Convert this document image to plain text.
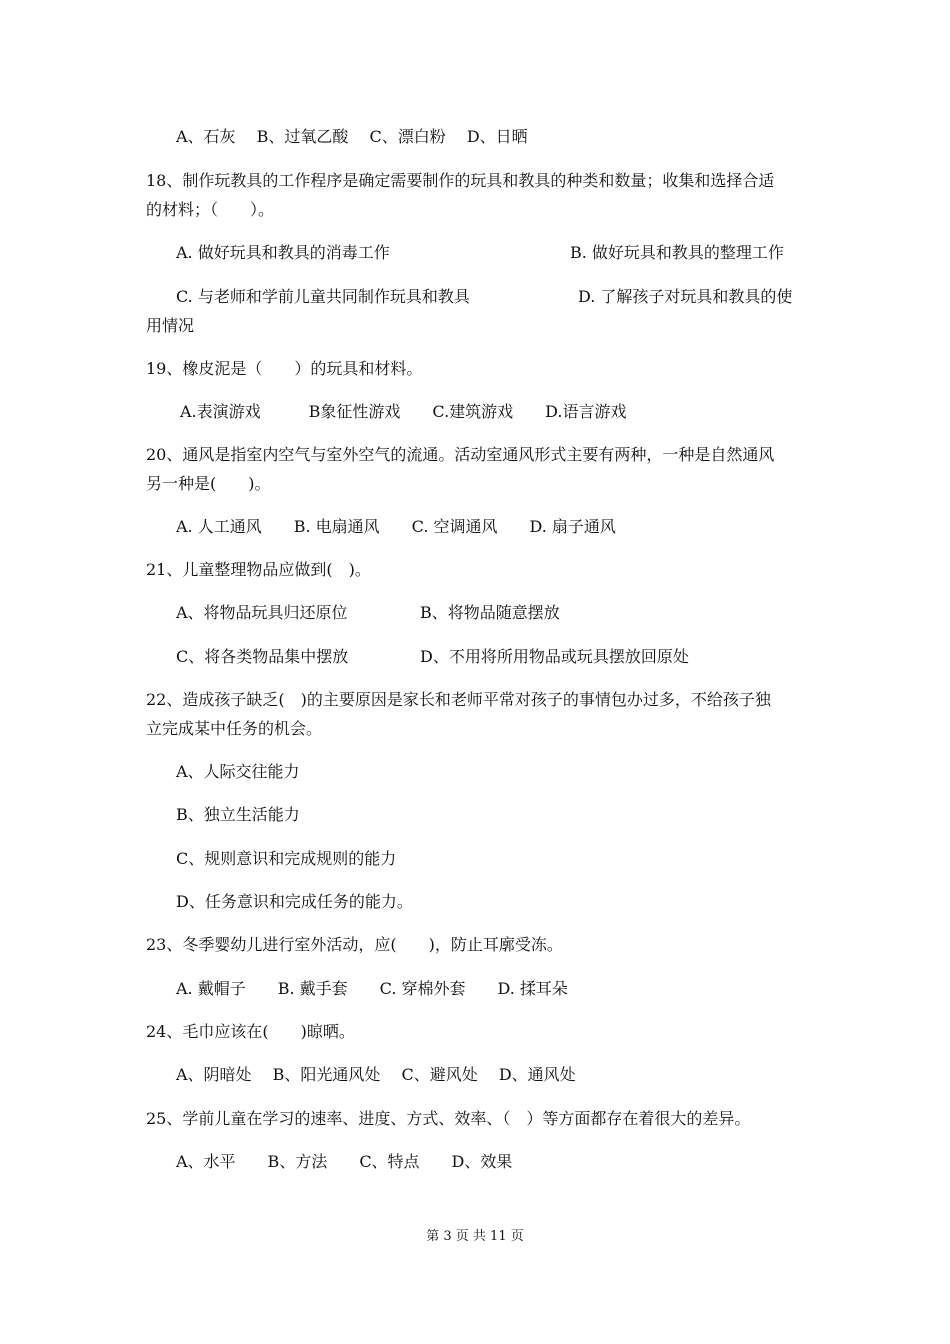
A、石灰　 B、过氧乙酸　 C、漂白粉　 D、日晒
18、制作玩教具的工作程序是确定需要制作的玩具和教具的种类和数量；收集和选择合适
的材料；（　　）。
A. 做好玩具和教具的消毒工作	B. 做好玩具和教具的整理工作
C. 与老师和学前儿童共同制作玩具和教具	D. 了解孩子对玩具和教具的使
用情况
19、橡皮泥是（　　）的玩具和材料。
A.表演游戏　　　B象征性游戏　　C.建筑游戏　　D.语言游戏
20、通风是指室内空气与室外空气的流通。活动室通风形式主要有两种，一种是自然通风
另一种是(　　)。
A. 人工通风　　B. 电扇通风　　C. 空调通风　　D. 扇子通风
21、儿童整理物品应做到(　)。
A、将物品玩具归还原位	B、将物品随意摆放
C、将各类物品集中摆放	D、不用将所用物品或玩具摆放回原处
22、造成孩子缺乏(　)的主要原因是家长和老师平常对孩子的事情包办过多，不给孩子独
立完成某中任务的机会。
A、人际交往能力
B、独立生活能力
C、规则意识和完成规则的能力
D、任务意识和完成任务的能力。
23、冬季婴幼儿进行室外活动，应(　　)，防止耳廓受冻。
A. 戴帽子　　B. 戴手套　　C. 穿棉外套　　D. 揉耳朵
24、毛巾应该在(　　)晾晒。
A、阴暗处　 B、阳光通风处　 C、避风处　 D、通风处
25、学前儿童在学习的速率、进度、方式、效率、（　）等方面都存在着很大的差异。
A、水平　　B、方法　　C、特点　　D、效果
第 3 页 共 11 页
